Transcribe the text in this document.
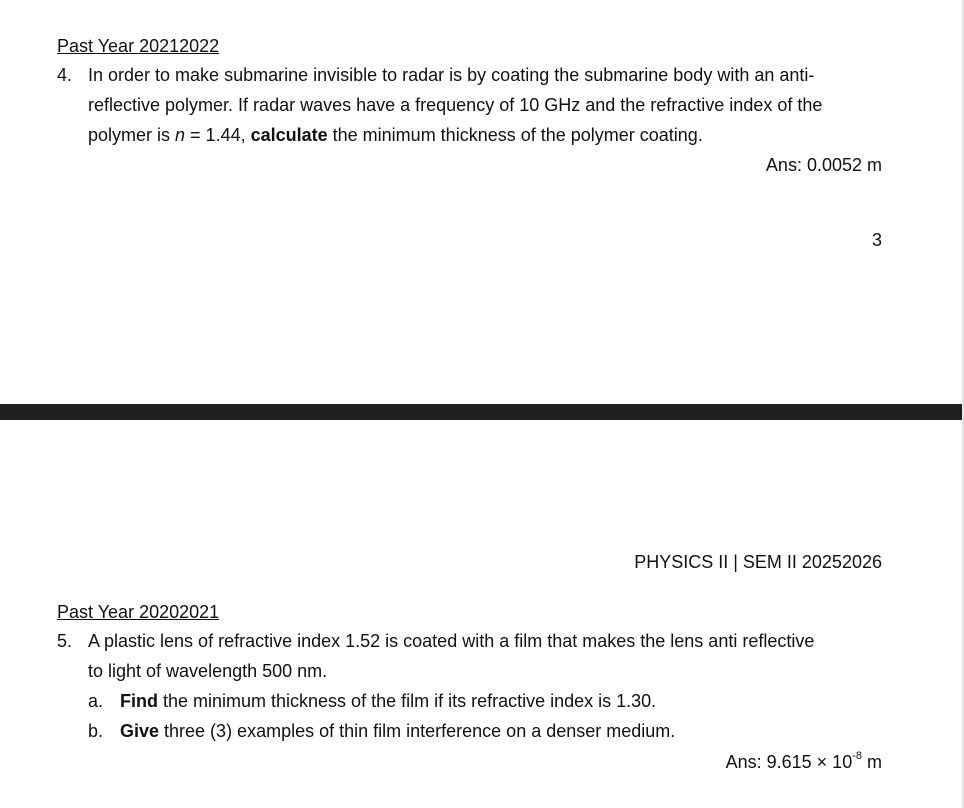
Past Year 20212022
4. In order to make submarine invisible to radar is by coating the submarine body with an anti-
reflective polymer. If radar waves have a frequency of 10 GHz and the refractive index of the
polymer is n = 1.44, calculate the minimum thickness of the polymer coating.
Ans: 0.0052 m
3
PHYSICS II | SEM II 20252026
Past Year 20202021
5. A plastic lens of refractive index 1.52 is coated with a film that makes the lens anti reflective
to light of wavelength 500 nm.
a. Find the minimum thickness of the film if its refractive index is 1.30.
b. Give three (3) examples of thin film interference on a denser medium.
Ans: $9.615 \times 10^{-8}$ m
